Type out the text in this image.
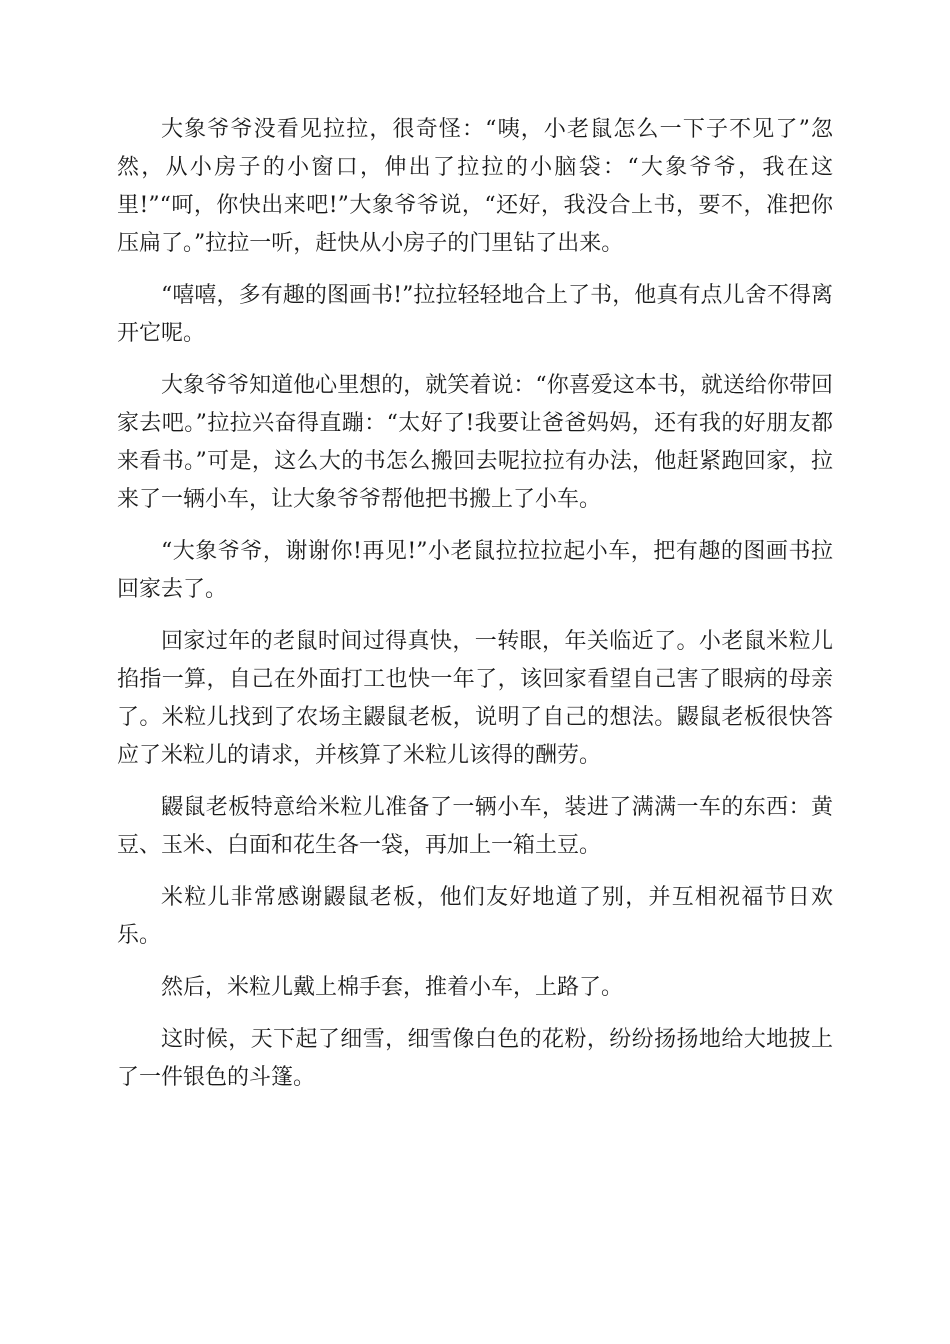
大象爷爷没看见拉拉，很奇怪：“咦，小老鼠怎么一下子不见了”忽然，从小房子的小窗口，伸出了拉拉的小脑袋：“大象爷爷，我在这里!”“呵，你快出来吧!”大象爷爷说，“还好，我没合上书，要不，准把你压扁了。”拉拉一听，赶快从小房子的门里钻了出来。

“嘻嘻，多有趣的图画书!”拉拉轻轻地合上了书，他真有点儿舍不得离开它呢。

大象爷爷知道他心里想的，就笑着说：“你喜爱这本书，就送给你带回家去吧。”拉拉兴奋得直蹦：“太好了!我要让爸爸妈妈，还有我的好朋友都来看书。”可是，这么大的书怎么搬回去呢拉拉有办法，他赶紧跑回家，拉来了一辆小车，让大象爷爷帮他把书搬上了小车。

“大象爷爷，谢谢你!再见!”小老鼠拉拉拉起小车，把有趣的图画书拉回家去了。

回家过年的老鼠时间过得真快，一转眼，年关临近了。小老鼠米粒儿掐指一算，自己在外面打工也快一年了，该回家看望自己害了眼病的母亲了。米粒儿找到了农场主鼹鼠老板，说明了自己的想法。鼹鼠老板很快答应了米粒儿的请求，并核算了米粒儿该得的酬劳。

鼹鼠老板特意给米粒儿准备了一辆小车，装进了满满一车的东西：黄豆、玉米、白面和花生各一袋，再加上一箱土豆。

米粒儿非常感谢鼹鼠老板，他们友好地道了别，并互相祝福节日欢乐。

然后，米粒儿戴上棉手套，推着小车，上路了。

这时候，天下起了细雪，细雪像白色的花粉，纷纷扬扬地给大地披上了一件银色的斗篷。
